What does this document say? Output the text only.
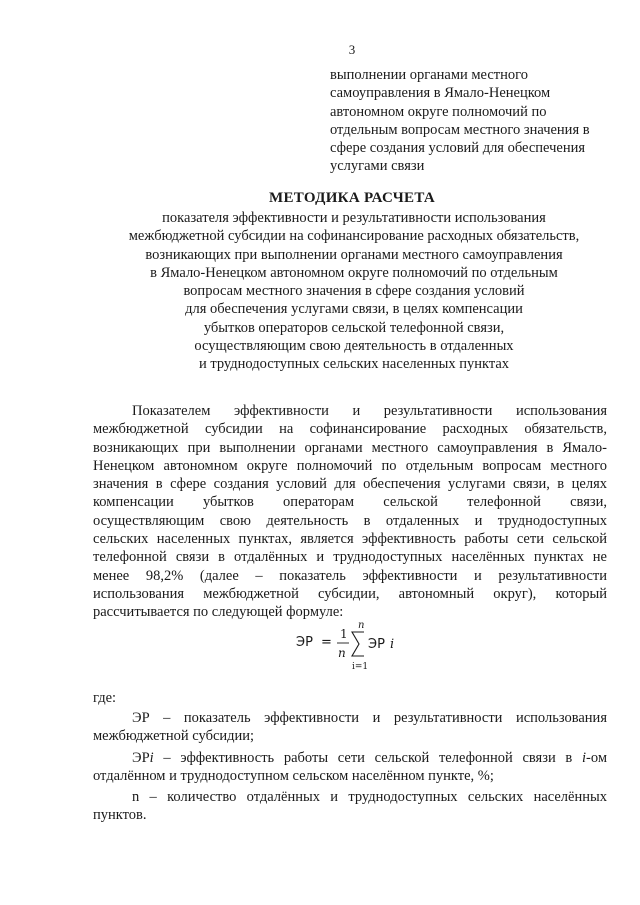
3
выполнении органами местного
самоуправления в Ямало-Ненецком
автономном округе полномочий по
отдельным вопросам местного значения в
сфере создания условий для обеспечения
услугами связи
МЕТОДИКА РАСЧЕТА
показателя эффективности и результативности использования
межбюджетной субсидии на софинансирование расходных обязательств,
возникающих при выполнении органами местного самоуправления
в Ямало-Ненецком автономном округе полномочий по отдельным
вопросам местного значения в сфере создания условий
для обеспечения услугами связи, в целях компенсации
убытков операторов сельской телефонной связи,
осуществляющим свою деятельность в отдаленных
и труднодоступных сельских населенных пунктах
Показателем эффективности и результативности использования
межбюджетной субсидии на софинансирование расходных обязательств,
возникающих при выполнении органами местного самоуправления в Ямало-
Ненецком автономном округе полномочий по отдельным вопросам местного
значения в сфере создания условий для обеспечения услугами связи, в целях
компенсации убытков операторам сельской телефонной связи,
осуществляющим свою деятельность в отдаленных и труднодоступных
сельских населенных пунктах, является эффективность работы сети сельской
телефонной связи в отдалённых и труднодоступных населённых пунктах не
менее 98,2% (далее – показатель эффективности и результативности
использования межбюджетной субсидии, автономный округ), который
рассчитывается по следующей формуле:
ЭР =
1
n
n
i=1
ЭР i
где:
ЭР – показатель эффективности и результативности использования
межбюджетной субсидии;
ЭРi – эффективность работы сети сельской телефонной связи в i-ом
отдалённом и труднодоступном сельском населённом пункте, %;
n – количество отдалённых и труднодоступных сельских населённых
пунктов.
